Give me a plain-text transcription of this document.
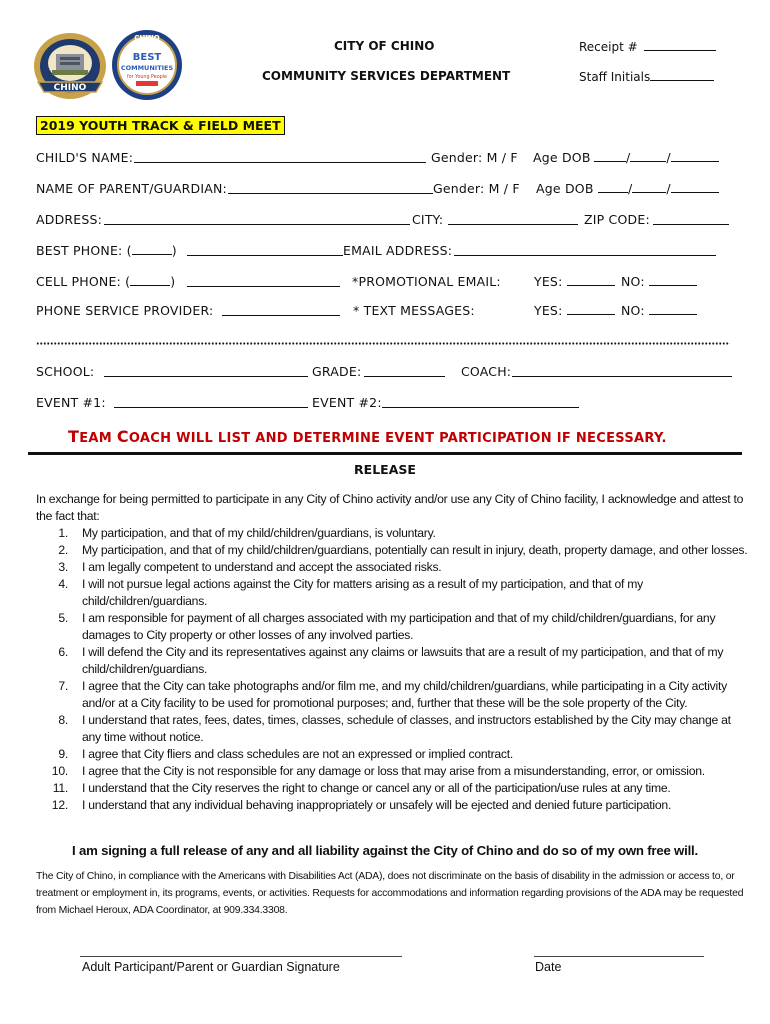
CHINO
CHINO
BEST
COMMUNITIES
for Young People
CITY OF CHINO
COMMUNITY SERVICES DEPARTMENT
Receipt #
Staff Initials
2019 YOUTH TRACK & FIELD MEET
CHILD'S NAME:	Gender: M / F Age DOB	/	/
NAME OF PARENT/GUARDIAN:	Gender: M / F Age DOB	/	/
ADDRESS:	CITY:	ZIP CODE:
BEST PHONE: (	)	EMAIL ADDRESS:
CELL PHONE: (	)	*PROMOTIONAL EMAIL:	YES:	NO:
PHONE SERVICE PROVIDER:	* TEXT MESSAGES:	YES:	NO:
SCHOOL:	GRADE:	COACH:
EVENT #1:	EVENT #2:
TEAM COACH WILL LIST AND DETERMINE EVENT PARTICIPATION IF NECESSARY.
RELEASE
In exchange for being permitted to participate in any City of Chino activity and/or use any City of Chino facility, I acknowledge and attest to the fact that:
1. My participation, and that of my child/children/guardians, is voluntary.
2. My participation, and that of my child/children/guardians, potentially can result in injury, death, property damage, and other losses.
3. I am legally competent to understand and accept the associated risks.
4. I will not pursue legal actions against the City for matters arising as a result of my participation, and that of my child/children/guardians.
5. I am responsible for payment of all charges associated with my participation and that of my child/children/guardians, for any damages to City property or other losses of any involved parties.
6. I will defend the City and its representatives against any claims or lawsuits that are a result of my participation, and that of my child/children/guardians.
7. I agree that the City can take photographs and/or film me, and my child/children/guardians, while participating in a City activity and/or at a City facility to be used for promotional purposes; and, further that these will be the sole property of the City.
8. I understand that rates, fees, dates, times, classes, schedule of classes, and instructors established by the City may change at any time without notice.
9. I agree that City fliers and class schedules are not an expressed or implied contract.
10. I agree that the City is not responsible for any damage or loss that may arise from a misunderstanding, error, or omission.
11. I understand that the City reserves the right to change or cancel any or all of the participation/use rules at any time.
12. I understand that any individual behaving inappropriately or unsafely will be ejected and denied future participation.
I am signing a full release of any and all liability against the City of Chino and do so of my own free will.
The City of Chino, in compliance with the Americans with Disabilities Act (ADA), does not discriminate on the basis of disability in the admission or access to, or treatment or employment in, its programs, events, or activities. Requests for accommodations and information regarding provisions of the ADA may be requested from Michael Heroux, ADA Coordinator, at 909.334.3308.
Adult Participant/Parent or Guardian Signature	Date
